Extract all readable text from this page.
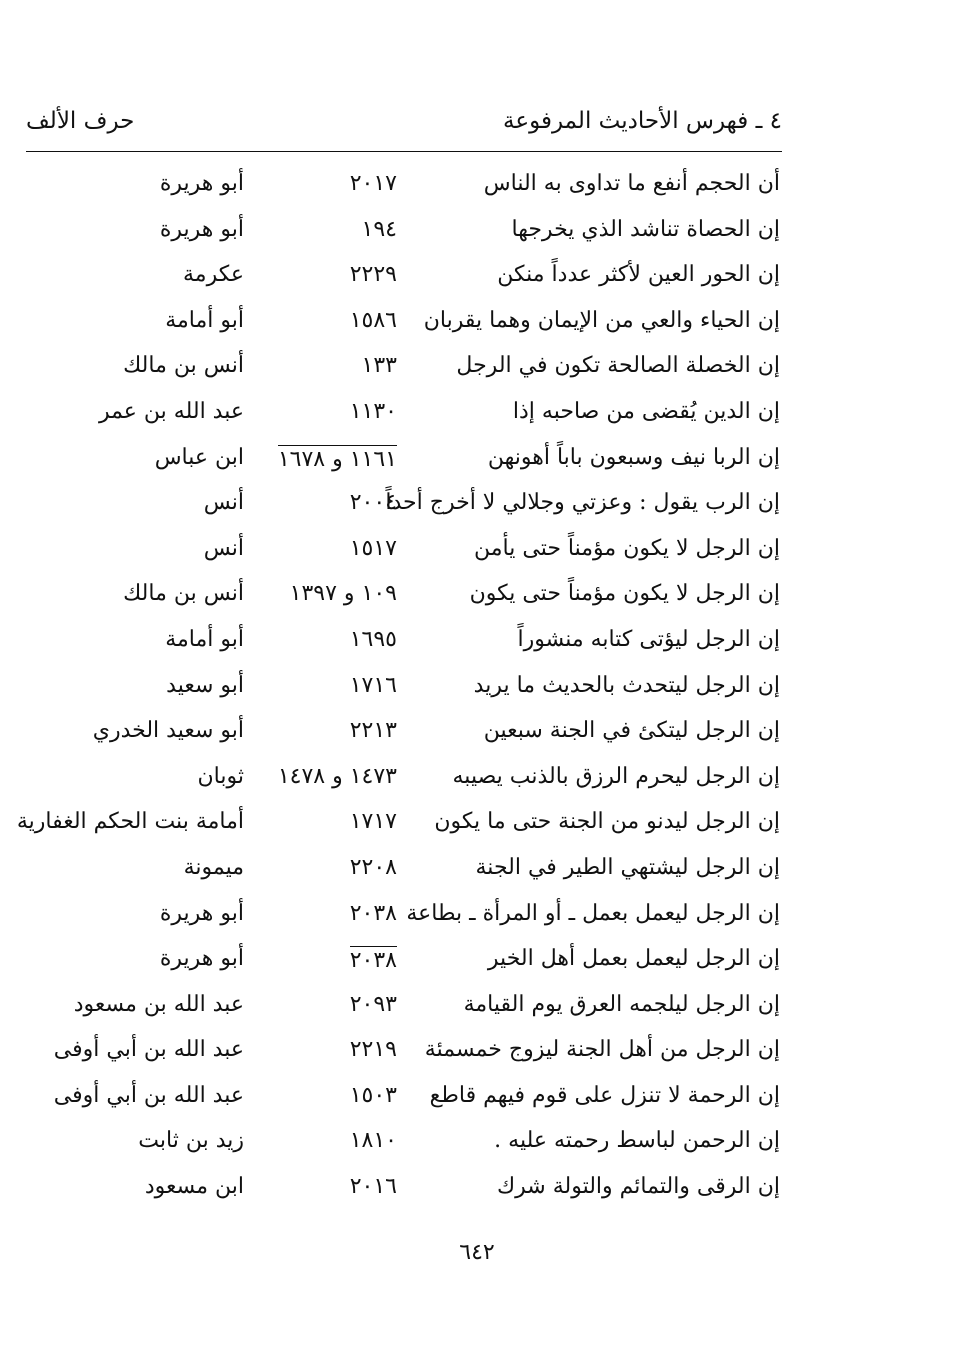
٤ ـ فهرس الأحاديث المرفوعة
حرف الألف
أن الحجم أنفع ما تداوى به الناس
٢٠١٧
أبو هريرة
إن الحصاة تناشد الذي يخرجها
١٩٤
أبو هريرة
إن الحور العين لأكثر عدداً منكن
٢٢٢٩
عكرمة
إن الحياء والعي من الإيمان وهما يقربان
١٥٨٦
أبو أمامة
إن الخصلة الصالحة تكون في الرجل
١٣٣
أنس بن مالك
إن الدين يُقضى من صاحبه إذا
١١٣٠
عبد الله بن عمر
إن الربا نيف وسبعون باباً أهونهن
١١٦١ و ١٦٧٨
ابن عباس
إن الرب يقول : وعزتي وجلالي لا أخرج أحداً
٢٠٠٤
أنس
إن الرجل لا يكون مؤمناً حتى يأمن
١٥١٧
أنس
إن الرجل لا يكون مؤمناً حتى يكون
١٠٩ و ١٣٩٧
أنس بن مالك
إن الرجل ليؤتى كتابه منشوراً
١٦٩٥
أبو أمامة
إن الرجل ليتحدث بالحديث ما يريد
١٧١٦
أبو سعيد
إن الرجل ليتكئ في الجنة سبعين
٢٢١٣
أبو سعيد الخدري
إن الرجل ليحرم الرزق بالذنب يصيبه
١٤٧٣ و ١٤٧٨
ثوبان
إن الرجل ليدنو من الجنة حتى ما يكون
١٧١٧
أمامة بنت الحكم الغفارية
إن الرجل ليشتهي الطير في الجنة
٢٢٠٨
ميمونة
إن الرجل ليعمل بعمل ـ أو المرأة ـ بطاعة
٢٠٣٨
أبو هريرة
إن الرجل ليعمل بعمل أهل الخير
٢٠٣٨
أبو هريرة
إن الرجل ليلجمه العرق يوم القيامة
٢٠٩٣
عبد الله بن مسعود
إن الرجل من أهل الجنة ليزوج خمسمئة
٢٢١٩
عبد الله بن أبي أوفى
إن الرحمة لا تنزل على قوم فيهم قاطع
١٥٠٣
عبد الله بن أبي أوفى
إن الرحمن لباسط رحمته عليه .
١٨١٠
زيد بن ثابت
إن الرقى والتمائم والتولة شرك
٢٠١٦
ابن مسعود
٦٤٢
